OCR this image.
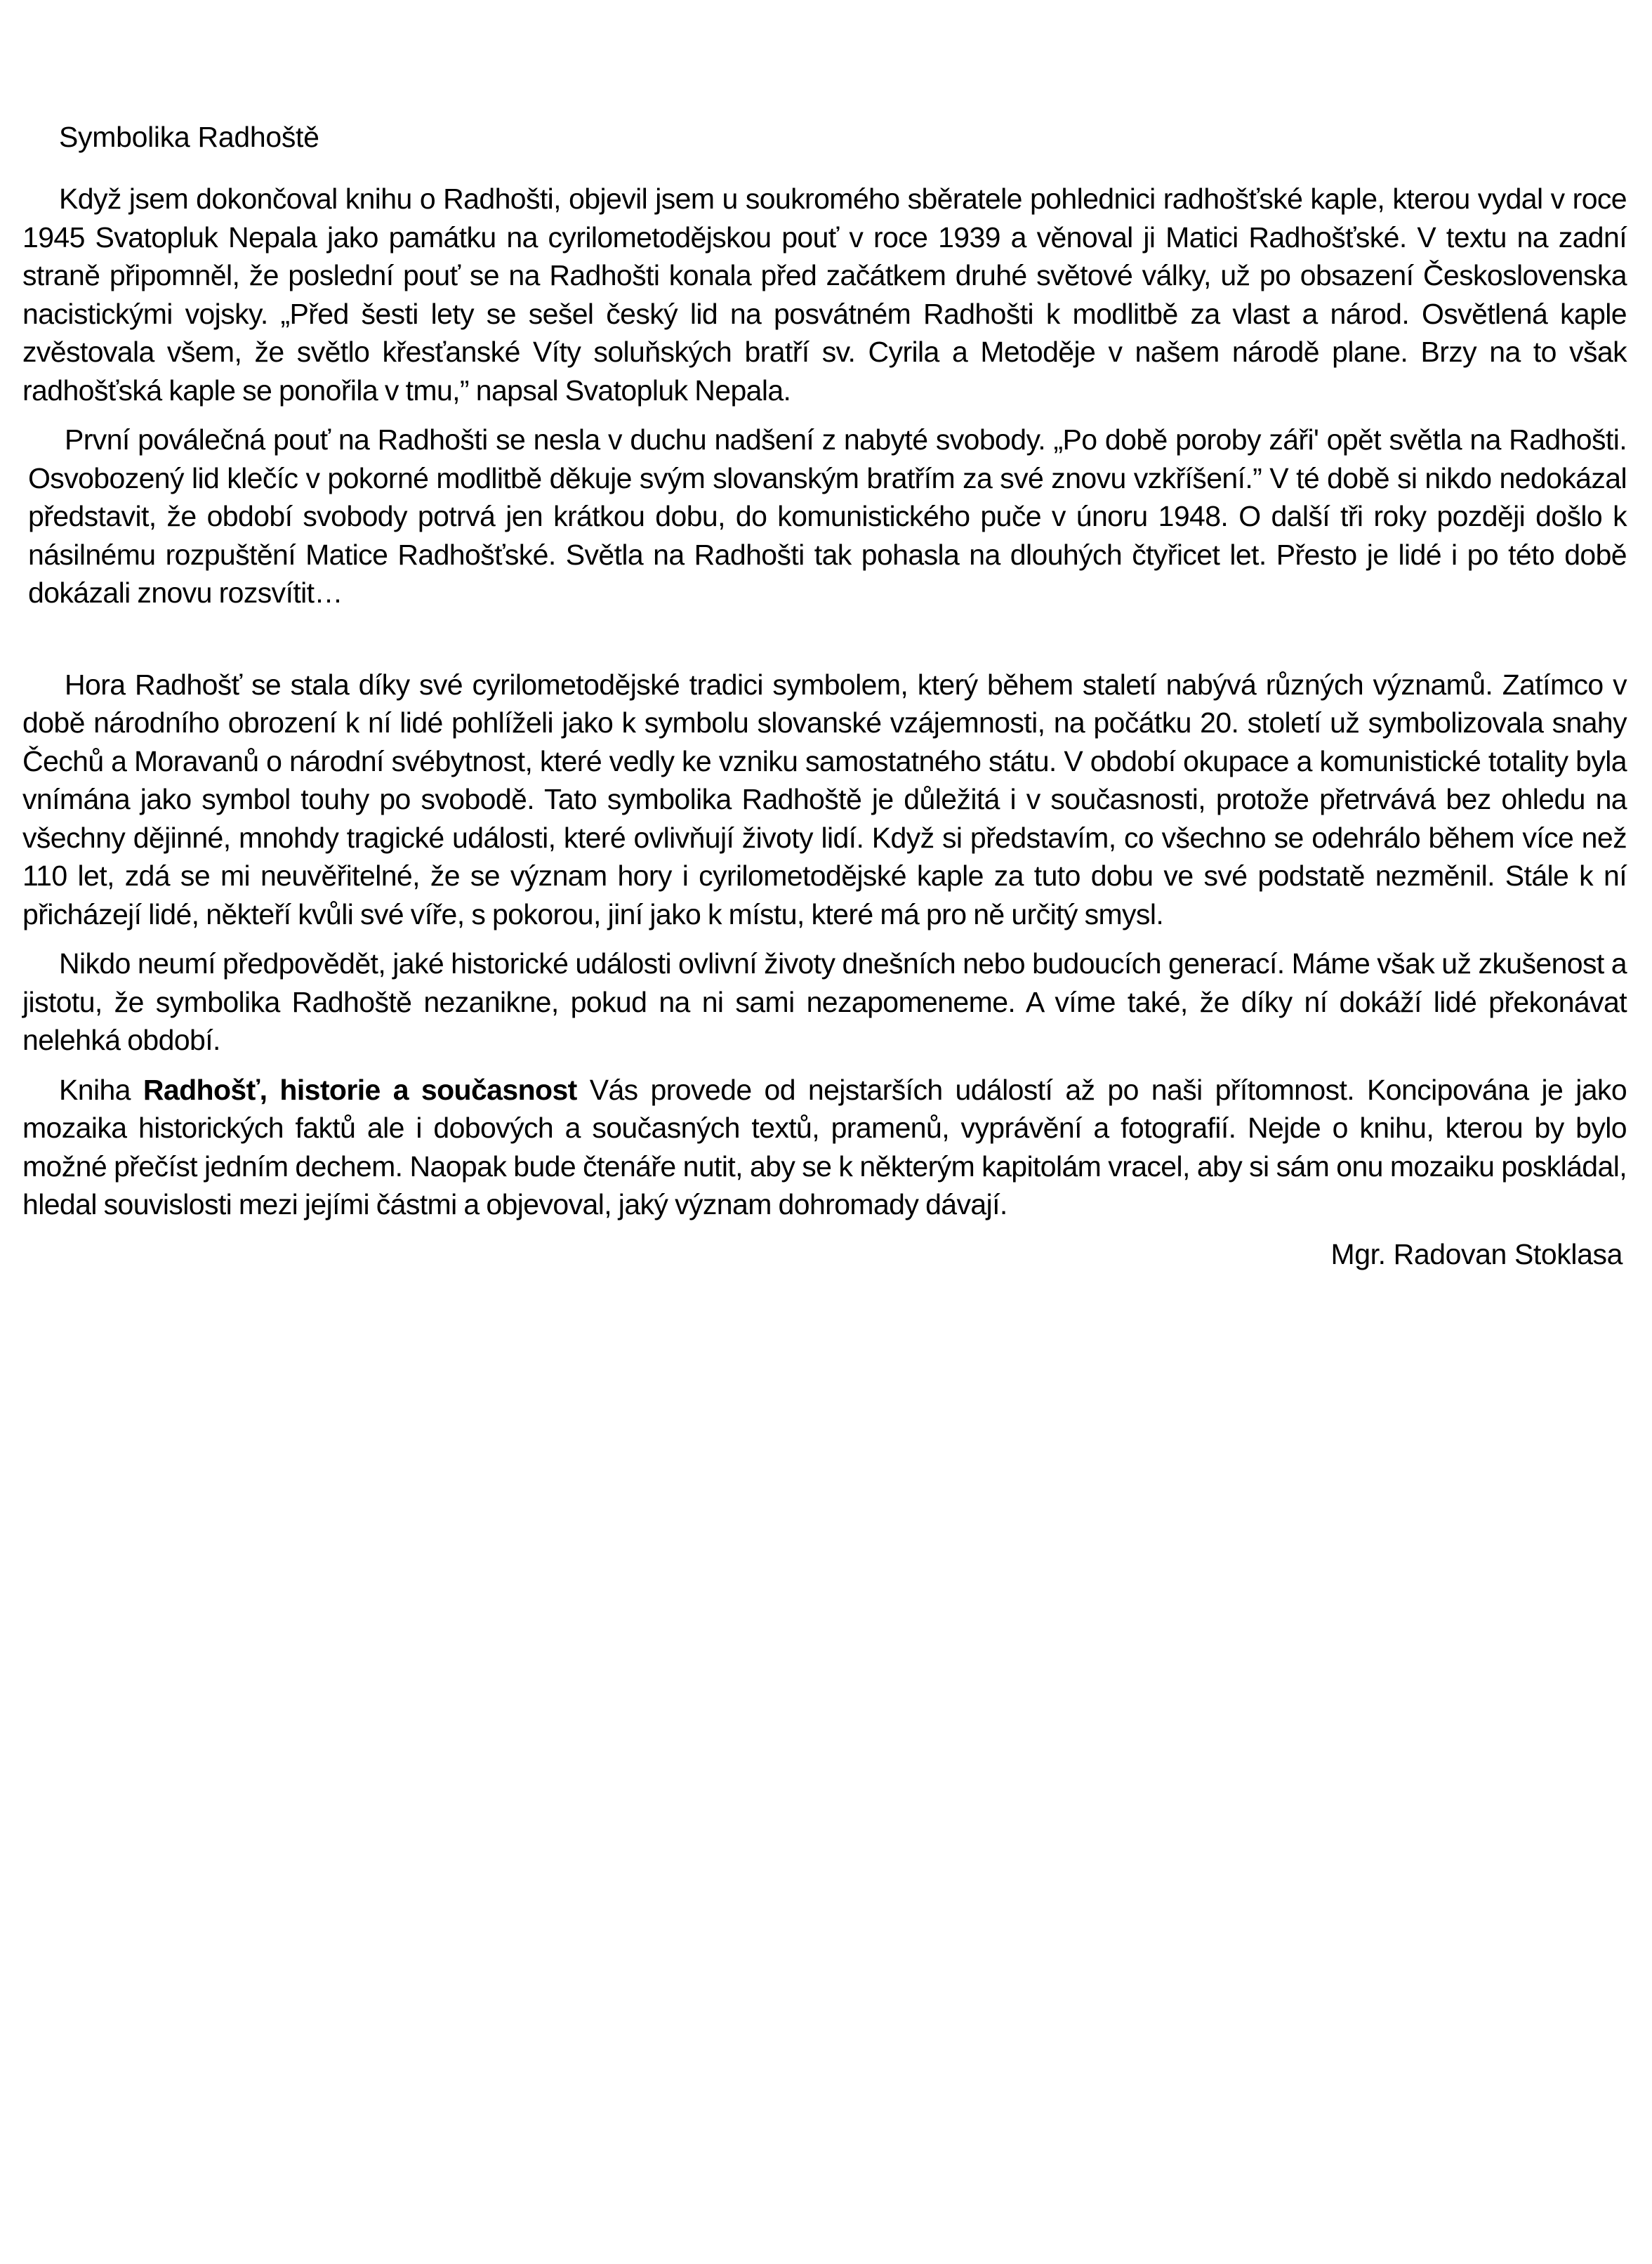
Symbolika Radhoště

Když jsem dokončoval knihu o Radhošti, objevil jsem u soukromého sběratele pohlednici radhošťské kaple, kterou vydal v roce 1945 Svatopluk Nepala jako památku na cyrilometodějskou pouť v roce 1939 a věnoval ji Matici Radhošťské. V textu na zadní straně připomněl, že poslední pouť se na Radhošti konala před začátkem druhé světové války, už po obsazení Československa nacistickými vojsky. „Před šesti lety se sešel český lid na posvátném Radhošti k modlitbě za vlast a národ. Osvětlená kaple zvěstovala všem, že světlo křesťanské Víty soluňských bratří sv. Cyrila a Metoděje v našem národě plane. Brzy na to však radhošťská kaple se ponořila v tmu,” napsal Svatopluk Nepala.

První poválečná pouť na Radhošti se nesla v duchu nadšení z nabyté svobody. „Po době poroby záři' opět světla na Radhošti. Osvobozený lid klečíc v pokorné modlitbě děkuje svým slovanským bratřím za své znovu vzkříšení.” V té době si nikdo nedokázal představit, že období svobody potrvá jen krátkou dobu, do komunistického puče v únoru 1948. O další tři roky později došlo k násilnému rozpuštění Matice Radhošťské. Světla na Radhošti tak pohasla na dlouhých čtyřicet let. Přesto je lidé i po této době dokázali znovu rozsvítit…

Hora Radhošť se stala díky své cyrilometodějské tradici symbolem, který během staletí nabývá různých významů. Zatímco v době národního obrození k ní lidé pohlíželi jako k symbolu slovanské vzájemnosti, na počátku 20. století už symbolizovala snahy Čechů a Moravanů o národní svébytnost, které vedly ke vzniku samostatného státu. V období okupace a komunistické totality byla vnímána jako symbol touhy po svobodě. Tato symbolika Radhoště je důležitá i v současnosti, protože přetrvává bez ohledu na všechny dějinné, mnohdy tragické události, které ovlivňují životy lidí. Když si představím, co všechno se odehrálo během více než 110 let, zdá se mi neuvěřitelné, že se význam hory i cyrilometodějské kaple za tuto dobu ve své podstatě nezměnil. Stále k ní přicházejí lidé, někteří kvůli své víře, s pokorou, jiní jako k místu, které má pro ně určitý smysl.

Nikdo neumí předpovědět, jaké historické události ovlivní životy dnešních nebo budoucích generací. Máme však už zkušenost a jistotu, že symbolika Radhoště nezanikne, pokud na ni sami nezapomeneme. A víme také, že díky ní dokáží lidé překonávat nelehká období.

Kniha Radhošť, historie a současnost Vás provede od nejstarších událostí až po naši přítomnost. Koncipována je jako mozaika historických faktů ale i dobových a současných textů, pramenů, vyprávění a fotografií. Nejde o knihu, kterou by bylo možné přečíst jedním dechem. Naopak bude čtenáře nutit, aby se k některým kapitolám vracel, aby si sám onu mozaiku poskládal, hledal souvislosti mezi jejími částmi a objevoval, jaký význam dohromady dávají.

Mgr. Radovan Stoklasa
